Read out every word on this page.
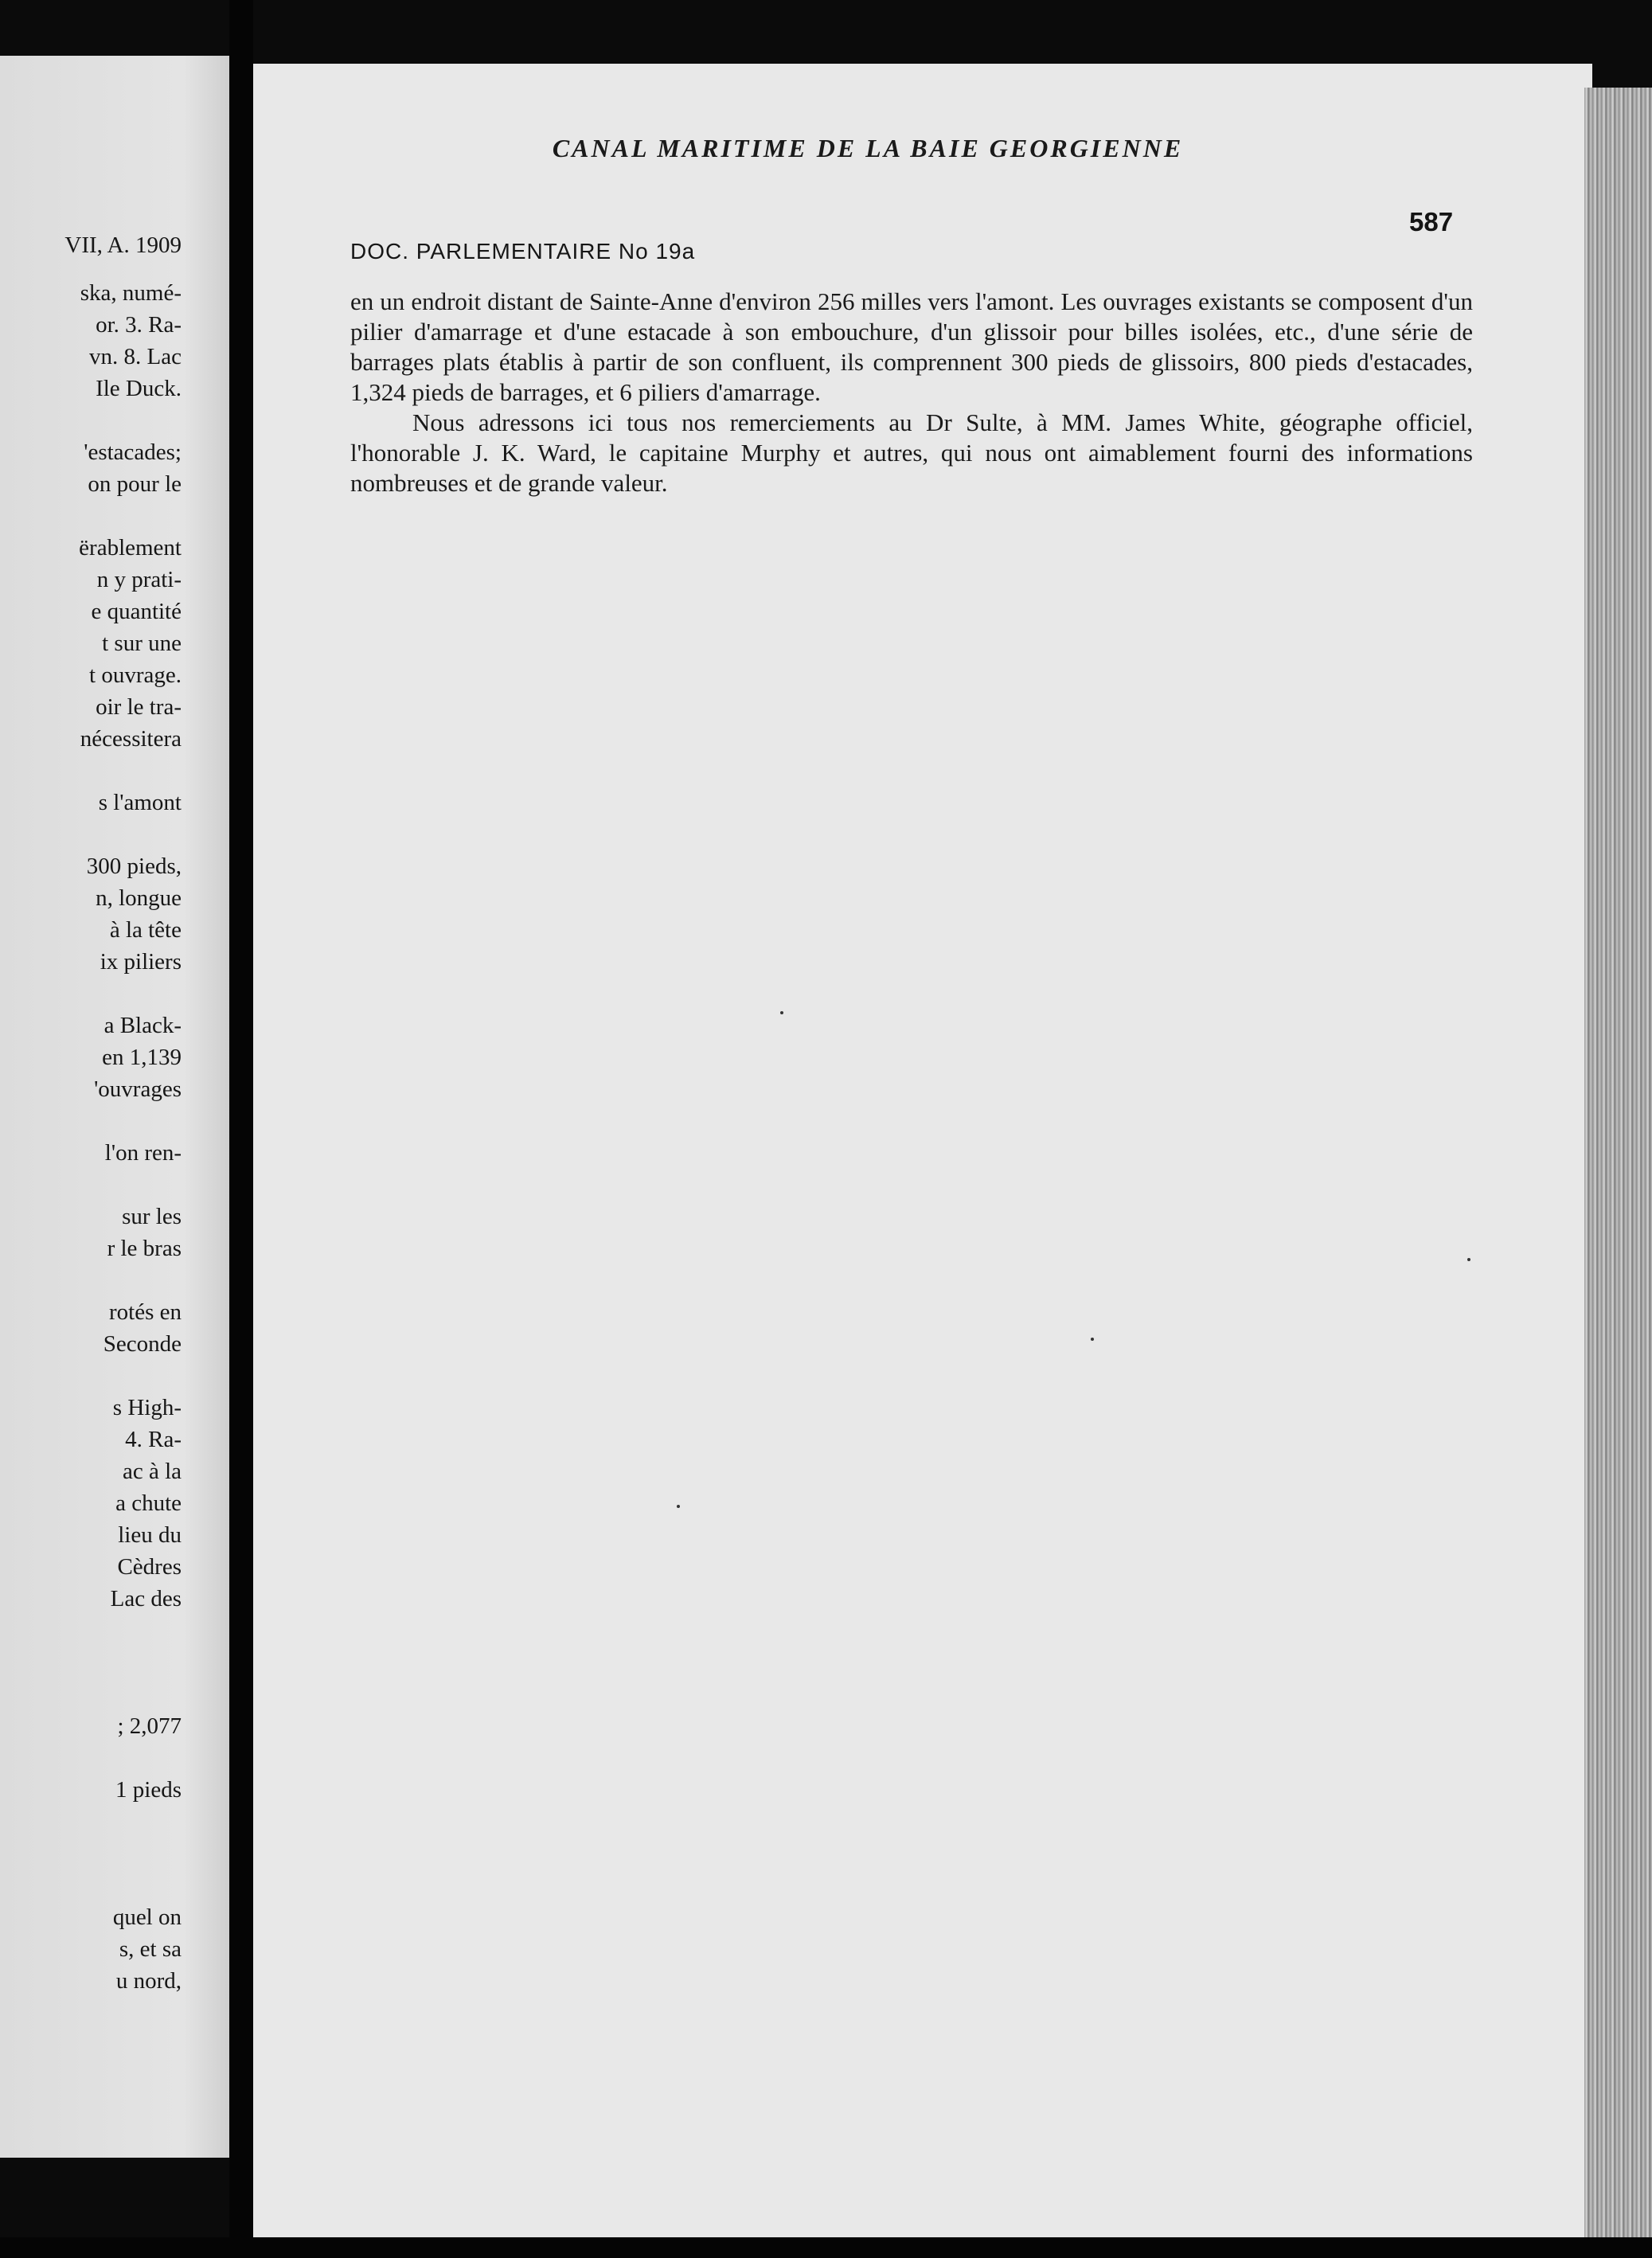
VII, A. 1909
ska, numé-
or. 3. Ra-
vn. 8. Lac
Ile Duck.
'estacades;
on pour le
ërablement
n y prati-
e quantité
t sur une
t ouvrage.
oir le tra-
nécessitera
s l'amont
300 pieds,
n, longue
à la tête
ix piliers
a Black-
en 1,139
'ouvrages
l'on ren-
sur les
r le bras
rotés en
Seconde
s High-
4. Ra-
ac à la
a chute
lieu du
Cèdres
Lac des
; 2,077
1 pieds
quel on
s, et sa
u nord,
CANAL MARITIME DE LA BAIE GEORGIENNE
587
DOC. PARLEMENTAIRE No 19a

en un endroit distant de Sainte-Anne d'environ 256 milles vers l'amont. Les ouvrages existants se composent d'un pilier d'amarrage et d'une estacade à son embouchure, d'un glissoir pour billes isolées, etc., d'une série de barrages plats établis à partir de son confluent, ils comprennent 300 pieds de glissoirs, 800 pieds d'estacades, 1,324 pieds de barrages, et 6 piliers d'amarrage.

Nous adressons ici tous nos remerciements au Dr Sulte, à MM. James White, géographe officiel, l'honorable J. K. Ward, le capitaine Murphy et autres, qui nous ont aimablement fourni des informations nombreuses et de grande valeur.
